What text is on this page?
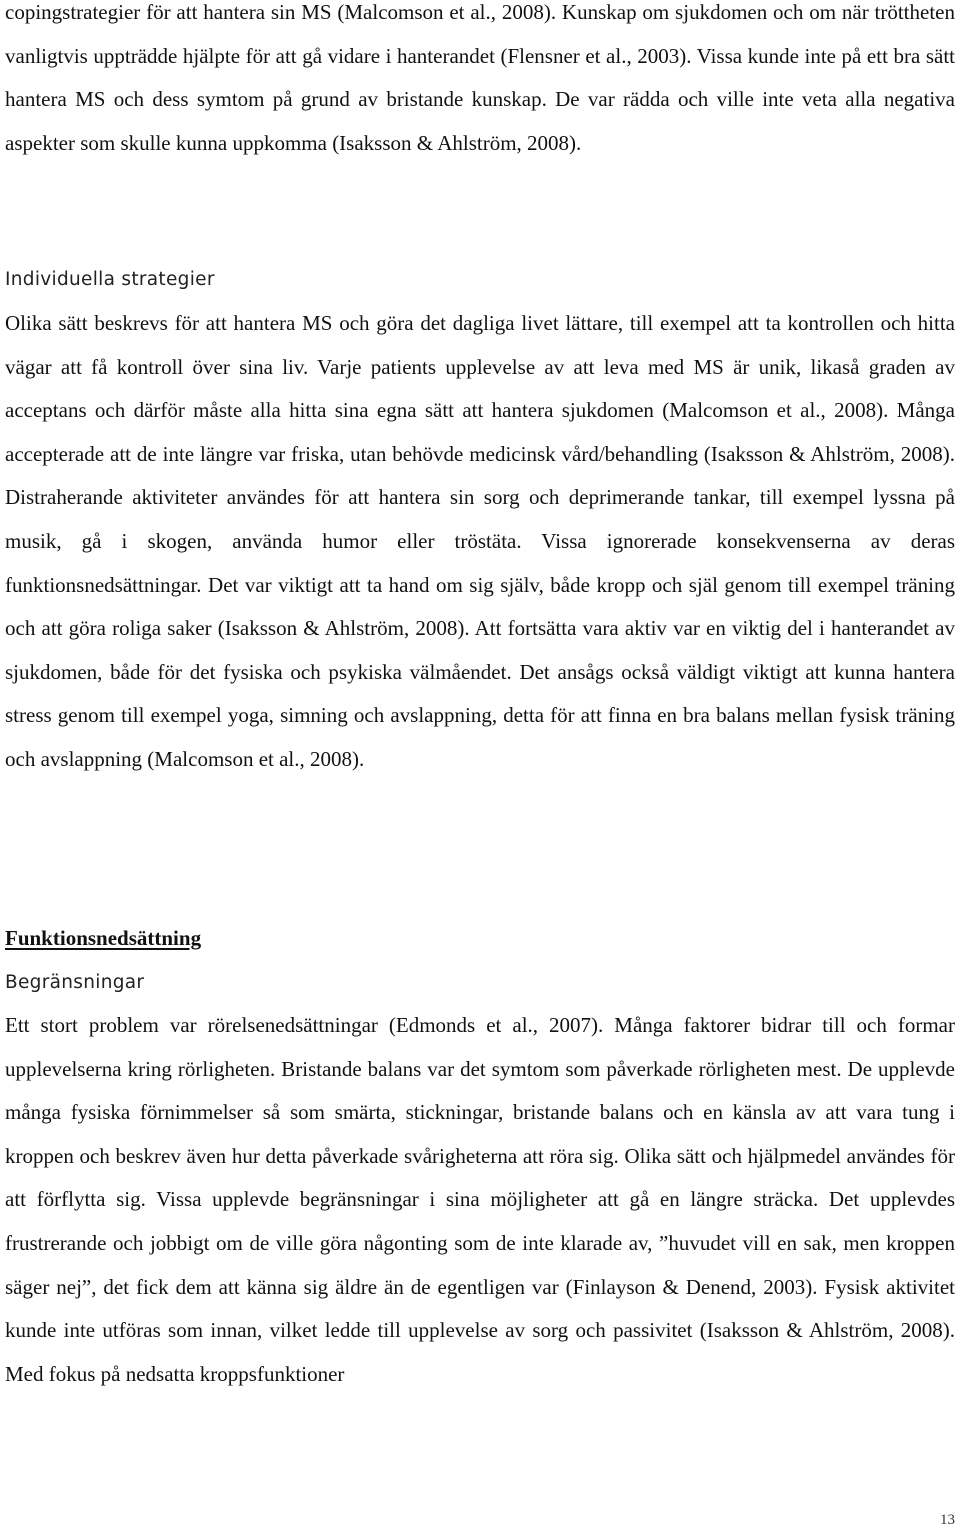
copingstrategier för att hantera sin MS (Malcomson et al., 2008). Kunskap om sjukdomen och om när tröttheten vanligtvis uppträdde hjälpte för att gå vidare i hanterandet (Flensner et al., 2003). Vissa kunde inte på ett bra sätt hantera MS och dess symtom på grund av bristande kunskap. De var rädda och ville inte veta alla negativa aspekter som skulle kunna uppkomma (Isaksson & Ahlström, 2008).

Individuella strategier

Olika sätt beskrevs för att hantera MS och göra det dagliga livet lättare, till exempel att ta kontrollen och hitta vägar att få kontroll över sina liv. Varje patients upplevelse av att leva med MS är unik, likaså graden av acceptans och därför måste alla hitta sina egna sätt att hantera sjukdomen (Malcomson et al., 2008). Många accepterade att de inte längre var friska, utan behövde medicinsk vård/behandling (Isaksson & Ahlström, 2008). Distraherande aktiviteter användes för att hantera sin sorg och deprimerande tankar, till exempel lyssna på musik, gå i skogen, använda humor eller tröstäta. Vissa ignorerade konsekvenserna av deras funktionsnedsättningar. Det var viktigt att ta hand om sig själv, både kropp och själ genom till exempel träning och att göra roliga saker (Isaksson & Ahlström, 2008). Att fortsätta vara aktiv var en viktig del i hanterandet av sjukdomen, både för det fysiska och psykiska välmåendet. Det ansågs också väldigt viktigt att kunna hantera stress genom till exempel yoga, simning och avslappning, detta för att finna en bra balans mellan fysisk träning och avslappning (Malcomson et al., 2008).

Funktionsnedsättning

Begränsningar

Ett stort problem var rörelsenedsättningar (Edmonds et al., 2007). Många faktorer bidrar till och formar upplevelserna kring rörligheten. Bristande balans var det symtom som påverkade rörligheten mest. De upplevde många fysiska förnimmelser så som smärta, stickningar, bristande balans och en känsla av att vara tung i kroppen och beskrev även hur detta påverkade svårigheterna att röra sig. Olika sätt och hjälpmedel användes för att förflytta sig. Vissa upplevde begränsningar i sina möjligheter att gå en längre sträcka. Det upplevdes frustrerande och jobbigt om de ville göra någonting som de inte klarade av, ”huvudet vill en sak, men kroppen säger nej”, det fick dem att känna sig äldre än de egentligen var (Finlayson & Denend, 2003). Fysisk aktivitet kunde inte utföras som innan, vilket ledde till upplevelse av sorg och passivitet (Isaksson & Ahlström, 2008). Med fokus på nedsatta kroppsfunktioner

13
